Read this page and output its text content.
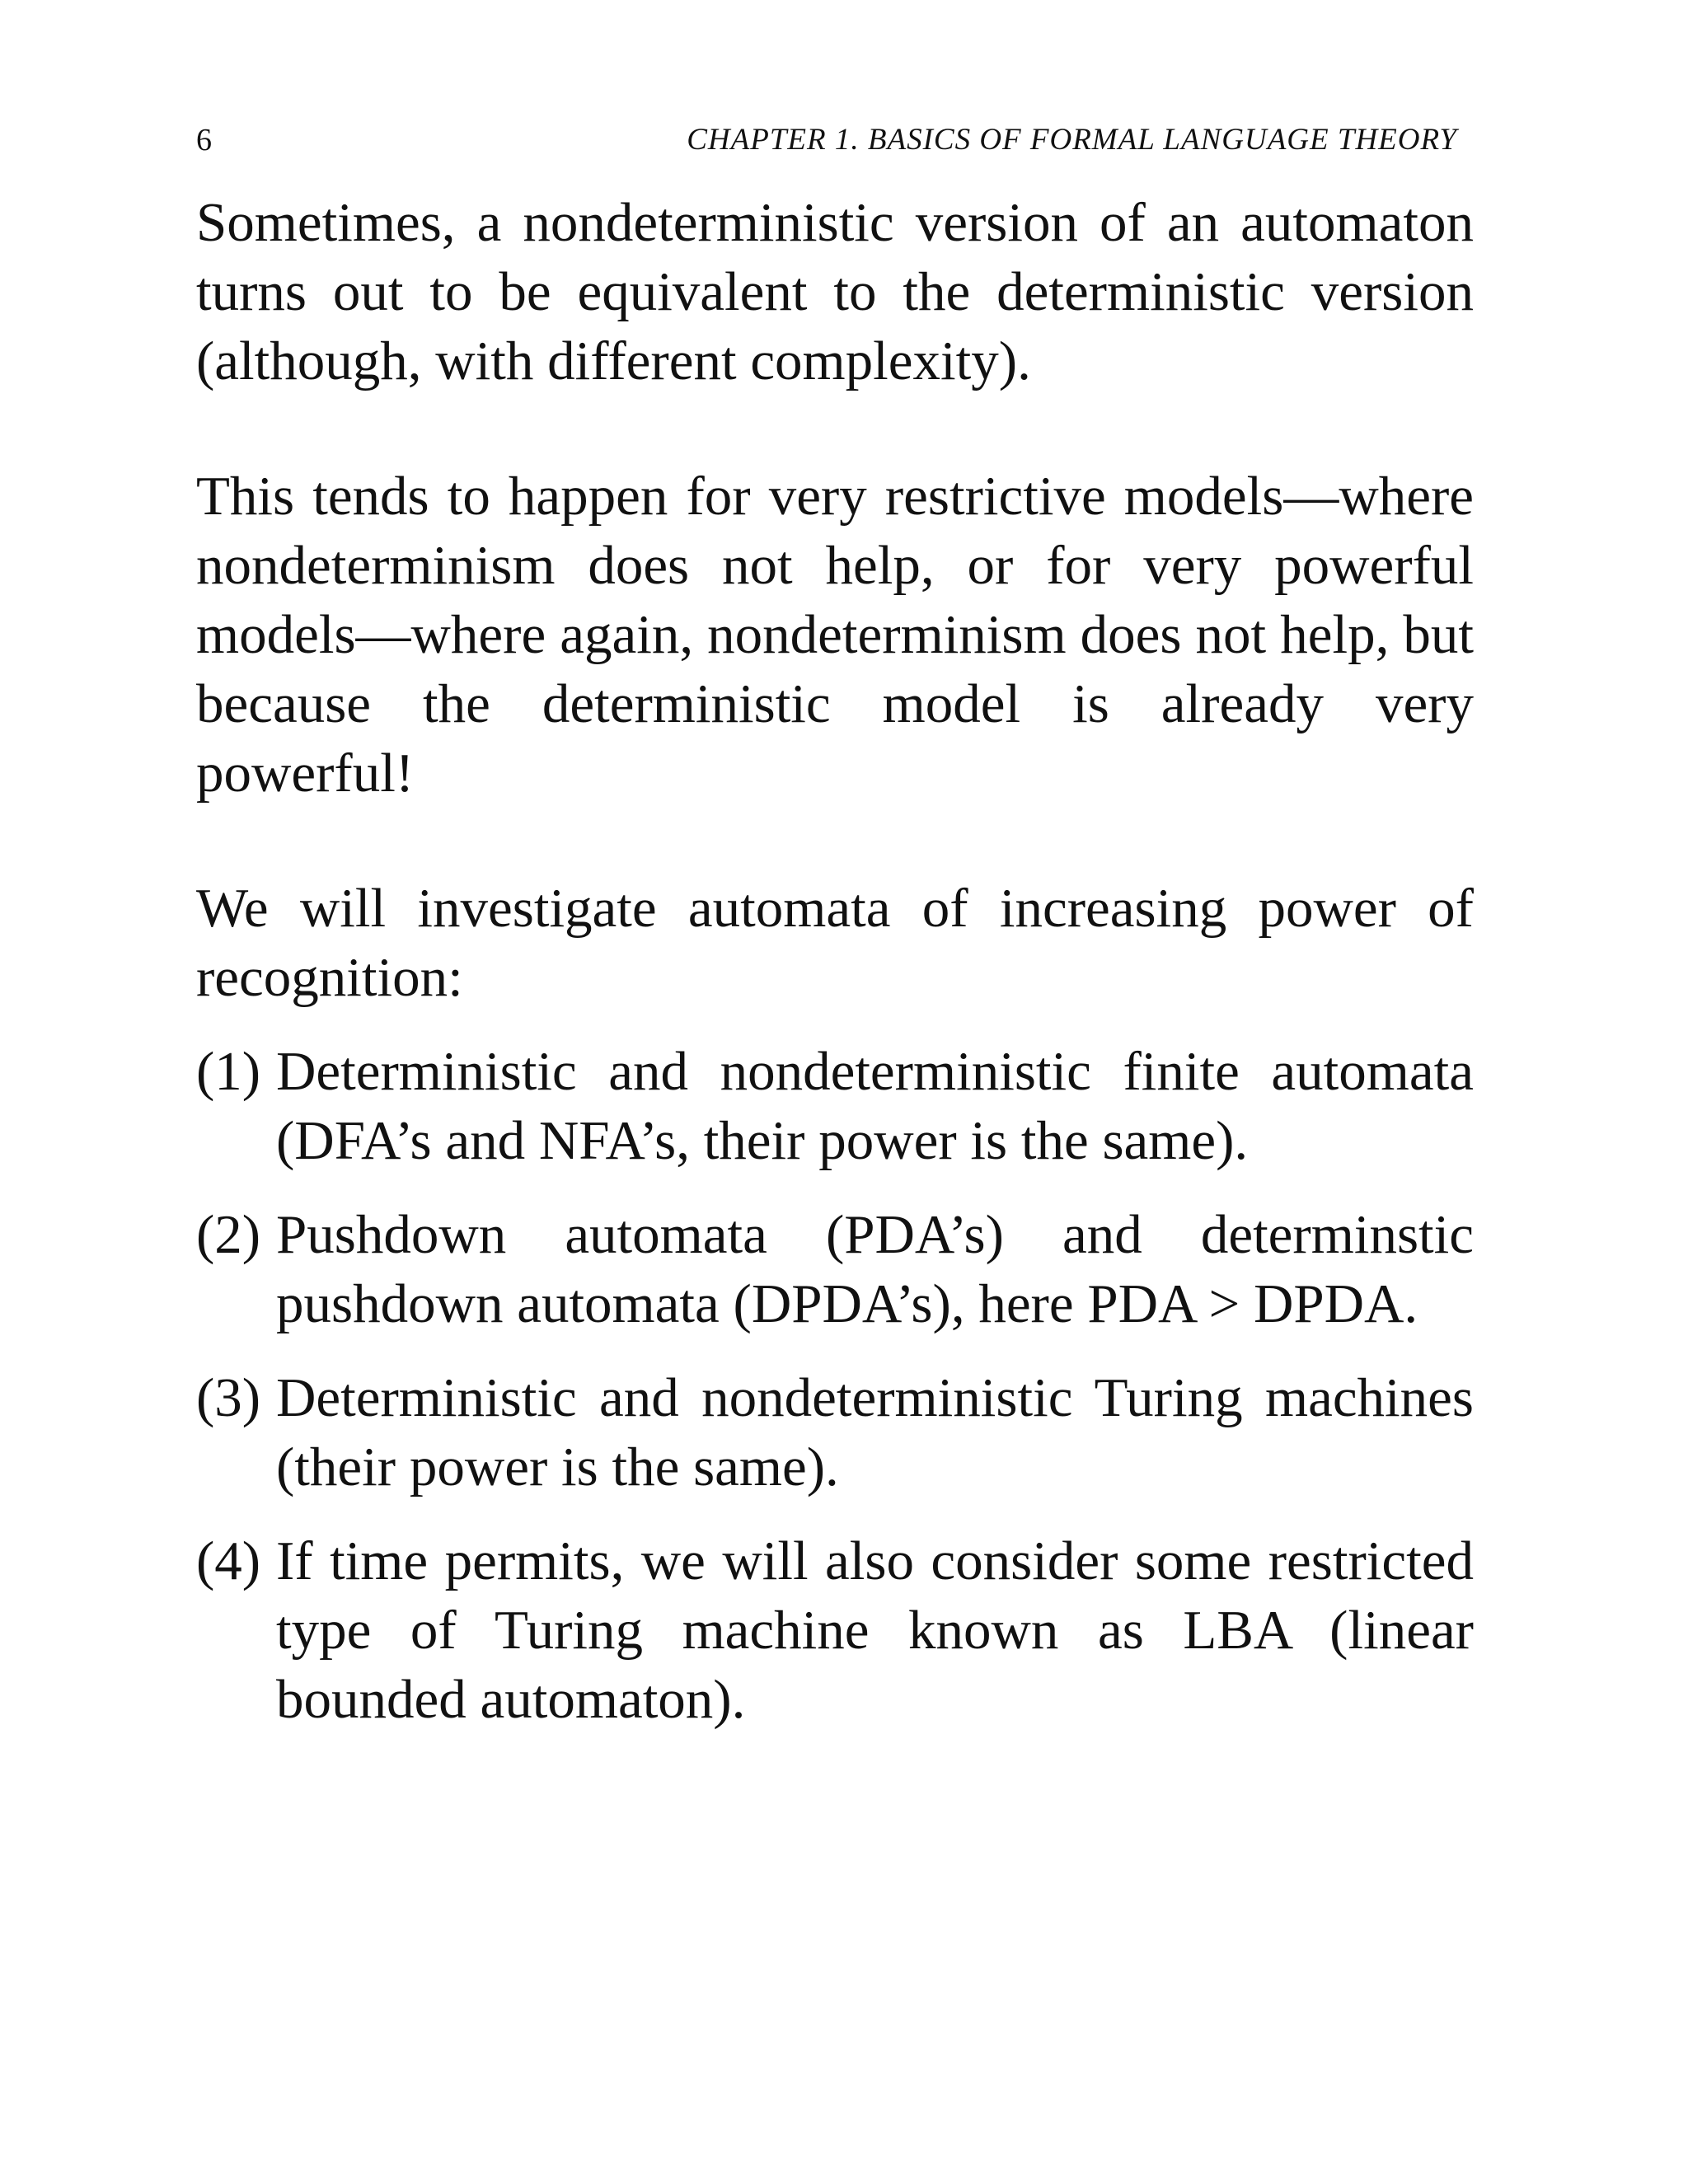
6	CHAPTER 1. BASICS OF FORMAL LANGUAGE THEORY

Sometimes, a nondeterministic version of an automaton turns out to be equivalent to the deterministic version (although, with different complexity).

This tends to happen for very restrictive models—where nondeterminism does not help, or for very powerful models—where again, nondeterminism does not help, but because the deterministic model is already very powerful!

We will investigate automata of increasing power of recognition:

(1) Deterministic and nondeterministic finite automata (DFA’s and NFA’s, their power is the same).
(2) Pushdown automata (PDA’s) and determinstic pushdown automata (DPDA’s), here PDA > DPDA.
(3) Deterministic and nondeterministic Turing machines (their power is the same).
(4) If time permits, we will also consider some restricted type of Turing machine known as LBA (linear bounded automaton).
